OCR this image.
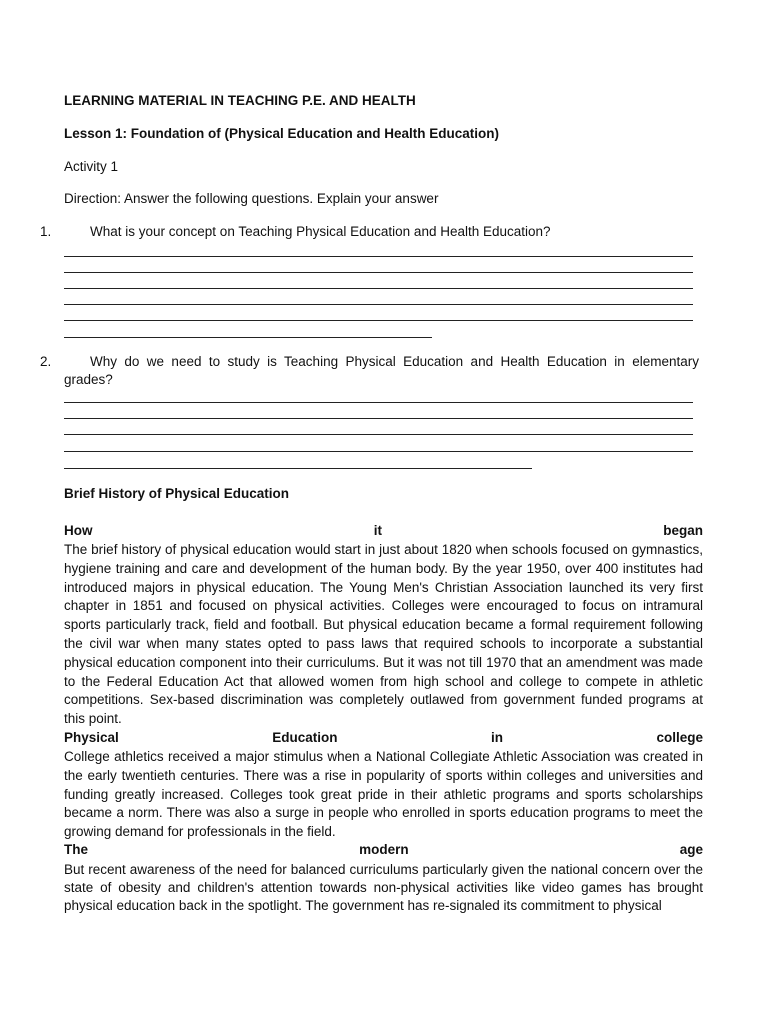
LEARNING MATERIAL IN TEACHING P.E. AND HEALTH
Lesson 1: Foundation of (Physical Education and Health Education)
Activity 1
Direction: Answer the following questions. Explain your answer
1.	What is your concept on Teaching Physical Education and Health Education?
2.	Why do we need to study is Teaching Physical Education and Health Education in elementary
grades?
Brief History of Physical Education
How	it	began
The brief history of physical education would start in just about 1820 when schools focused on gymnastics, hygiene training and care and development of the human body. By the year 1950, over 400 institutes had introduced majors in physical education. The Young Men's Christian Association launched its very first chapter in 1851 and focused on physical activities. Colleges were encouraged to focus on intramural sports particularly track, field and football. But physical education became a formal requirement following the civil war when many states opted to pass laws that required schools to incorporate a substantial physical education component into their curriculums. But it was not till 1970 that an amendment was made to the Federal Education Act that allowed women from high school and college to compete in athletic competitions. Sex-based discrimination was completely outlawed from government funded programs at this point.
Physical	Education	in	college
College athletics received a major stimulus when a National Collegiate Athletic Association was created in the early twentieth centuries. There was a rise in popularity of sports within colleges and universities and funding greatly increased. Colleges took great pride in their athletic programs and sports scholarships became a norm. There was also a surge in people who enrolled in sports education programs to meet the growing demand for professionals in the field.
The	modern	age
But recent awareness of the need for balanced curriculums particularly given the national concern over the state of obesity and children's attention towards non-physical activities like video games has brought physical education back in the spotlight. The government has re-signaled its commitment to physical
